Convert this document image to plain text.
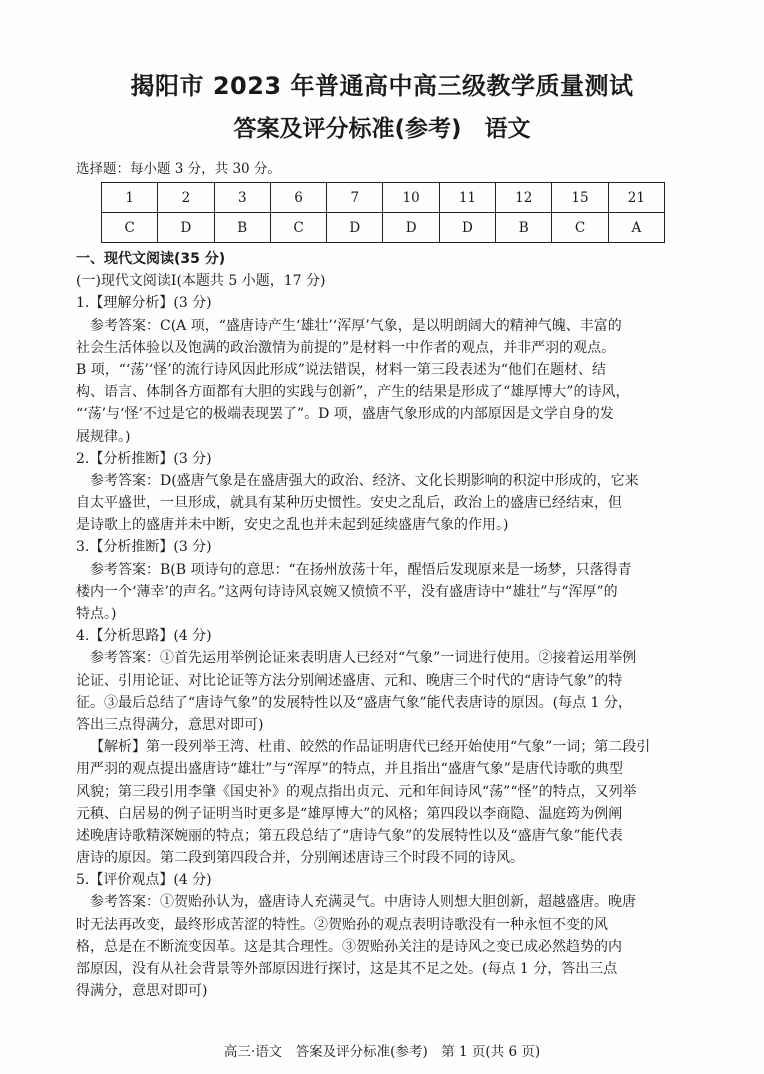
揭阳市 2023 年普通高中高三级教学质量测试
答案及评分标准(参考)　语文
选择题：每小题 3 分，共 30 分。
1	2	3	6	7	10	11	12	15	21
C	D	B	C	D	D	D	B	C	A
一、现代文阅读(35 分)
(一)现代文阅读Ⅰ(本题共 5 小题，17 分)
1.【理解分析】(3 分)
参考答案：C(A 项，“盛唐诗产生‘雄壮’‘浑厚’气象，是以明朗阔大的精神气魄、丰富的
社会生活体验以及饱满的政治激情为前提的”是材料一中作者的观点，并非严羽的观点。
B 项，“‘荡’‘怪’的流行诗风因此形成”说法错误，材料一第三段表述为“他们在题材、结
构、语言、体制各方面都有大胆的实践与创新”，产生的结果是形成了“雄厚博大”的诗风，
“‘荡’与‘怪’不过是它的极端表现罢了”。D 项，盛唐气象形成的内部原因是文学自身的发
展规律。)
2.【分析推断】(3 分)
参考答案：D(盛唐气象是在盛唐强大的政治、经济、文化长期影响的积淀中形成的，它来
自太平盛世，一旦形成，就具有某种历史惯性。安史之乱后，政治上的盛唐已经结束，但
是诗歌上的盛唐并未中断，安史之乱也并未起到延续盛唐气象的作用。)
3.【分析推断】(3 分)
参考答案：B(B 项诗句的意思：“在扬州放荡十年，醒悟后发现原来是一场梦，只落得青
楼内一个‘薄幸’的声名。”这两句诗诗风哀婉又愤愤不平，没有盛唐诗中“雄壮”与“浑厚”的
特点。)
4.【分析思路】(4 分)
参考答案：①首先运用举例论证来表明唐人已经对“气象”一词进行使用。②接着运用举例
论证、引用论证、对比论证等方法分别阐述盛唐、元和、晚唐三个时代的“唐诗气象”的特
征。③最后总结了“唐诗气象”的发展特性以及“盛唐气象”能代表唐诗的原因。(每点 1 分，
答出三点得满分，意思对即可)
【解析】第一段列举王湾、杜甫、皎然的作品证明唐代已经开始使用“气象”一词；第二段引
用严羽的观点提出盛唐诗“雄壮”与“浑厚”的特点，并且指出“盛唐气象”是唐代诗歌的典型
风貌；第三段引用李肇《国史补》的观点指出贞元、元和年间诗风“荡”“怪”的特点，又列举
元稹、白居易的例子证明当时更多是“雄厚博大”的风格；第四段以李商隐、温庭筠为例阐
述晚唐诗歌精深婉丽的特点；第五段总结了“唐诗气象”的发展特性以及“盛唐气象”能代表
唐诗的原因。第二段到第四段合并，分别阐述唐诗三个时段不同的诗风。
5.【评价观点】(4 分)
参考答案：①贺贻孙认为，盛唐诗人充满灵气。中唐诗人则想大胆创新，超越盛唐。晚唐
时无法再改变，最终形成苦涩的特性。②贺贻孙的观点表明诗歌没有一种永恒不变的风
格，总是在不断流变因革。这是其合理性。③贺贻孙关注的是诗风之变已成必然趋势的内
部原因，没有从社会背景等外部原因进行探讨，这是其不足之处。(每点 1 分，答出三点
得满分，意思对即可)
高三·语文　答案及评分标准(参考)　第 1 页(共 6 页)
